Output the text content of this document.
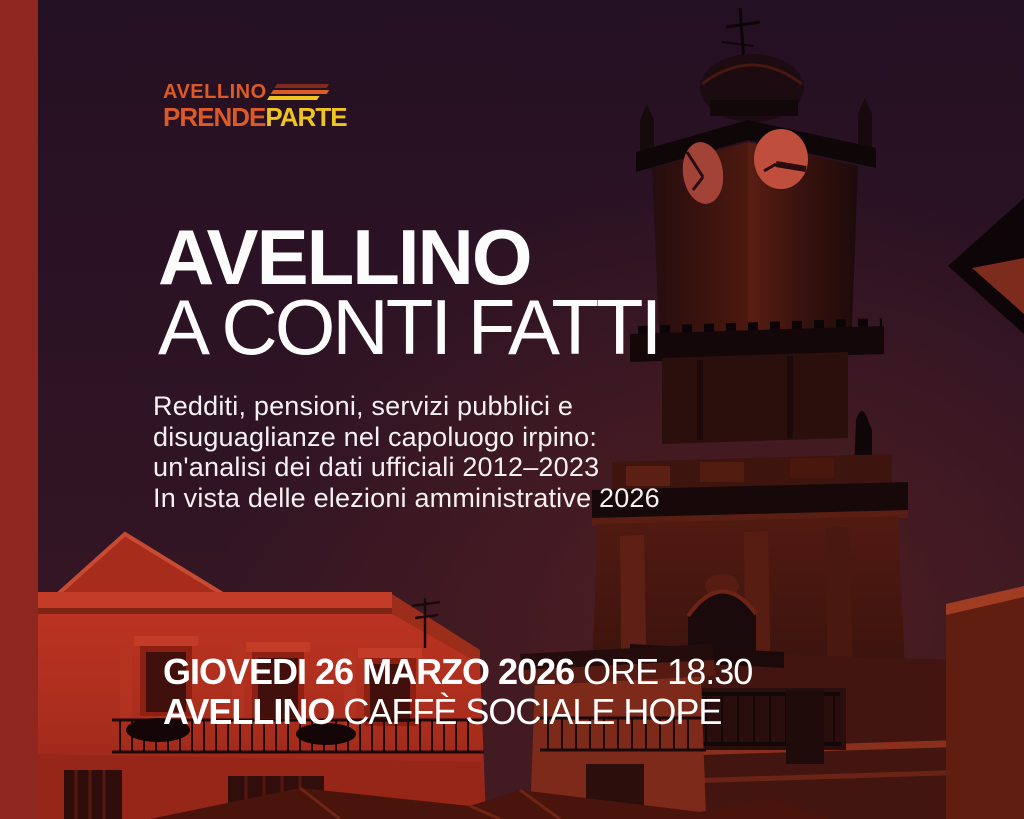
AVELLINO
PRENDEPARTE
AVELLINO
A CONTI FATTI
Redditi, pensioni, servizi pubblici e
disuguaglianze nel capoluogo irpino:
un'analisi dei dati ufficiali 2012–2023
In vista delle elezioni amministrative 2026
GIOVEDI 26 MARZO 2026 ORE 18.30
AVELLINO CAFFÈ SOCIALE HOPE
